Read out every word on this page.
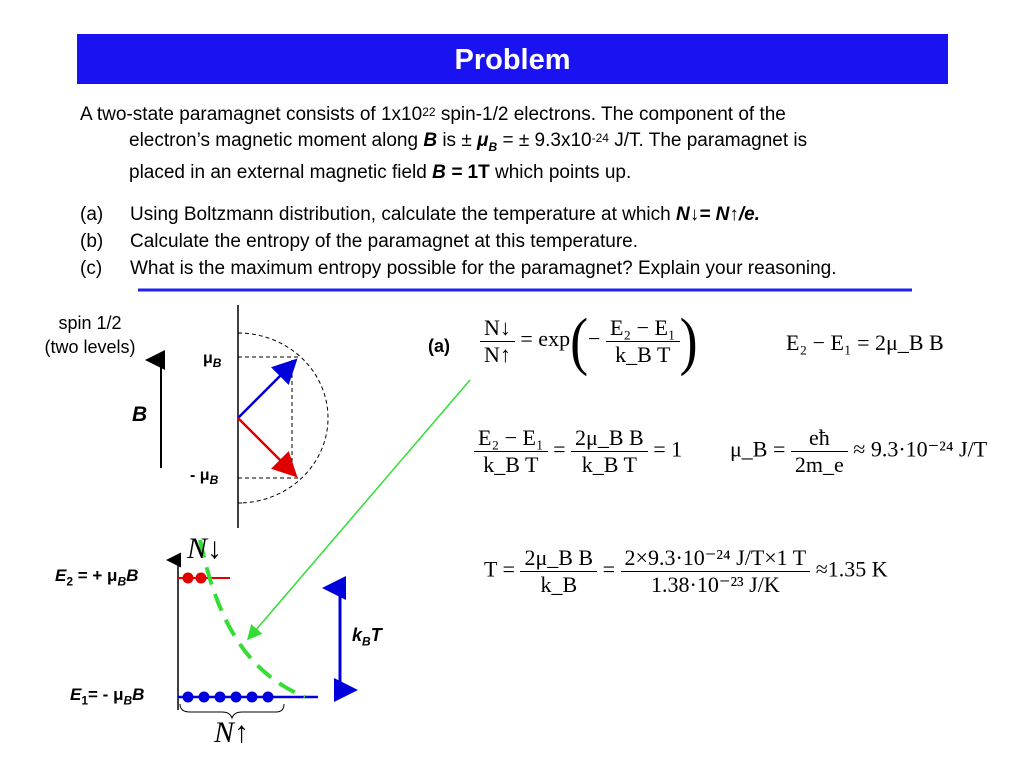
Problem
A two-state paramagnet consists of $1x10^{22}$ spin-1/2 electrons. The component of the
electron’s magnetic moment along B is ± $\mu_B$ = ± $9.3x10^{-24}$ J/T. The paramagnet is
placed in an external magnetic field B = 1T which points up.
(a) Using Boltzmann distribution, calculate the temperature at which N↓= N↑/e.
(b) Calculate the entropy of the paramagnet at this temperature.
(c) What is the maximum entropy possible for the paramagnet? Explain your reasoning.
spin 1/2
(two levels)
B
$\mu_B$
- $\mu_B$
$E_2$ = + $\mu_BB$
$E_1= - \mu_BB$
$k_BT$
N↓
N↑
$(a) \frac{N↓}{N↑} = \exp(- \frac{\text{E₂ − E₁}}{\text{k\_B T}}$ )	E₂ − E₁ = 2μ_B B
$\frac{\text{E₂ − E₁}}{\text{k\_B T}} = \frac{\text{2μ\_B B}}{\text{k\_B T}} = 1$ μ_B = $\frac{eħ}{2m\_e} \approx 9.3\cdot 10^{-24}$ J/T
$T = \frac{\text{2μ\_B B}}{k\_B} = \frac{\text{2×9.3·10⁻²⁴ J/T×1 T}}{\text{1.38·10⁻²³ J/K}} \approx 1.35$ K
